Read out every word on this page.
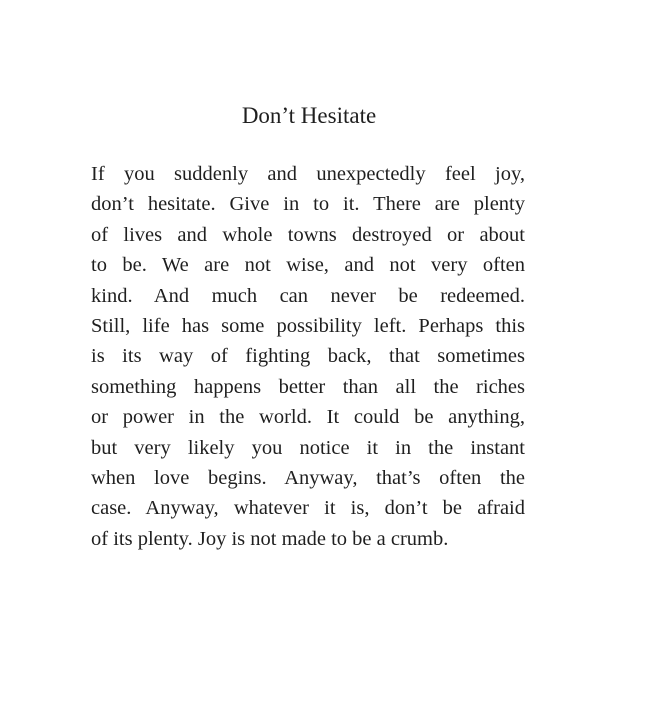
Don’t Hesitate
If you suddenly and unexpectedly feel joy,
don’t hesitate. Give in to it. There are plenty
of lives and whole towns destroyed or about
to be. We are not wise, and not very often
kind. And much can never be redeemed.
Still, life has some possibility left. Perhaps this
is its way of fighting back, that sometimes
something happens better than all the riches
or power in the world. It could be anything,
but very likely you notice it in the instant
when love begins. Anyway, that’s often the
case. Anyway, whatever it is, don’t be afraid
of its plenty. Joy is not made to be a crumb.
